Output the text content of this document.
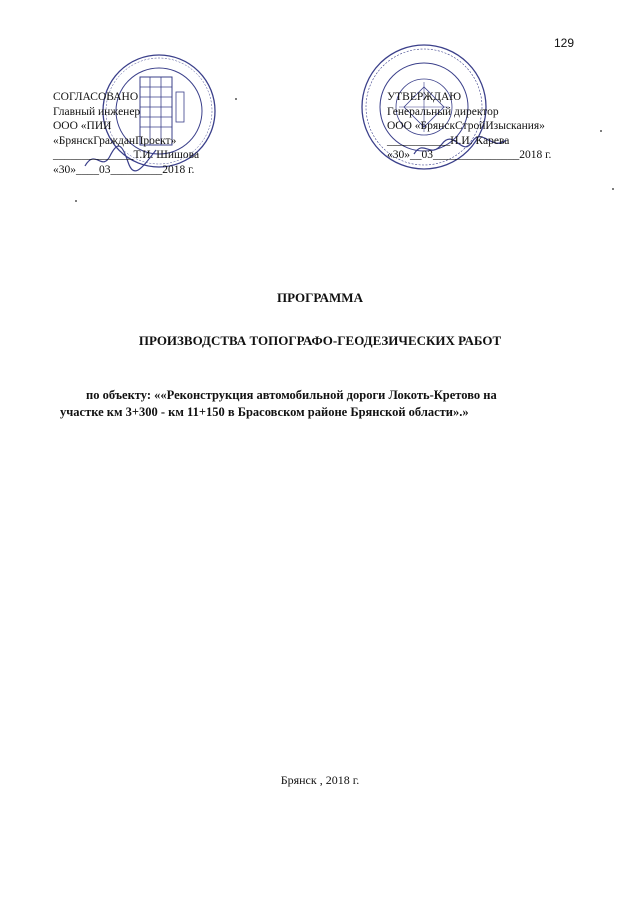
129
СОГЛАСОВАНО
Главный инженер
ООО «ПИИ
«БрянскГражданПроект»
______________Т.И. Шишова
«30»____03_________2018 г.
УТВЕРЖДАЮ
Генеральный директор
ООО «БрянскСтройИзыскания»
___________Н.И. Карева
«30»__03_______________2018 г.
ПРОГРАММА
ПРОИЗВОДСТВА ТОПОГРАФО-ГЕОДЕЗИЧЕСКИХ РАБОТ
по объекту: ««Реконструкция автомобильной дороги Локоть-Кретово на
участке км 3+300 - км 11+150 в Брасовском районе Брянской области».»
Брянск , 2018 г.
